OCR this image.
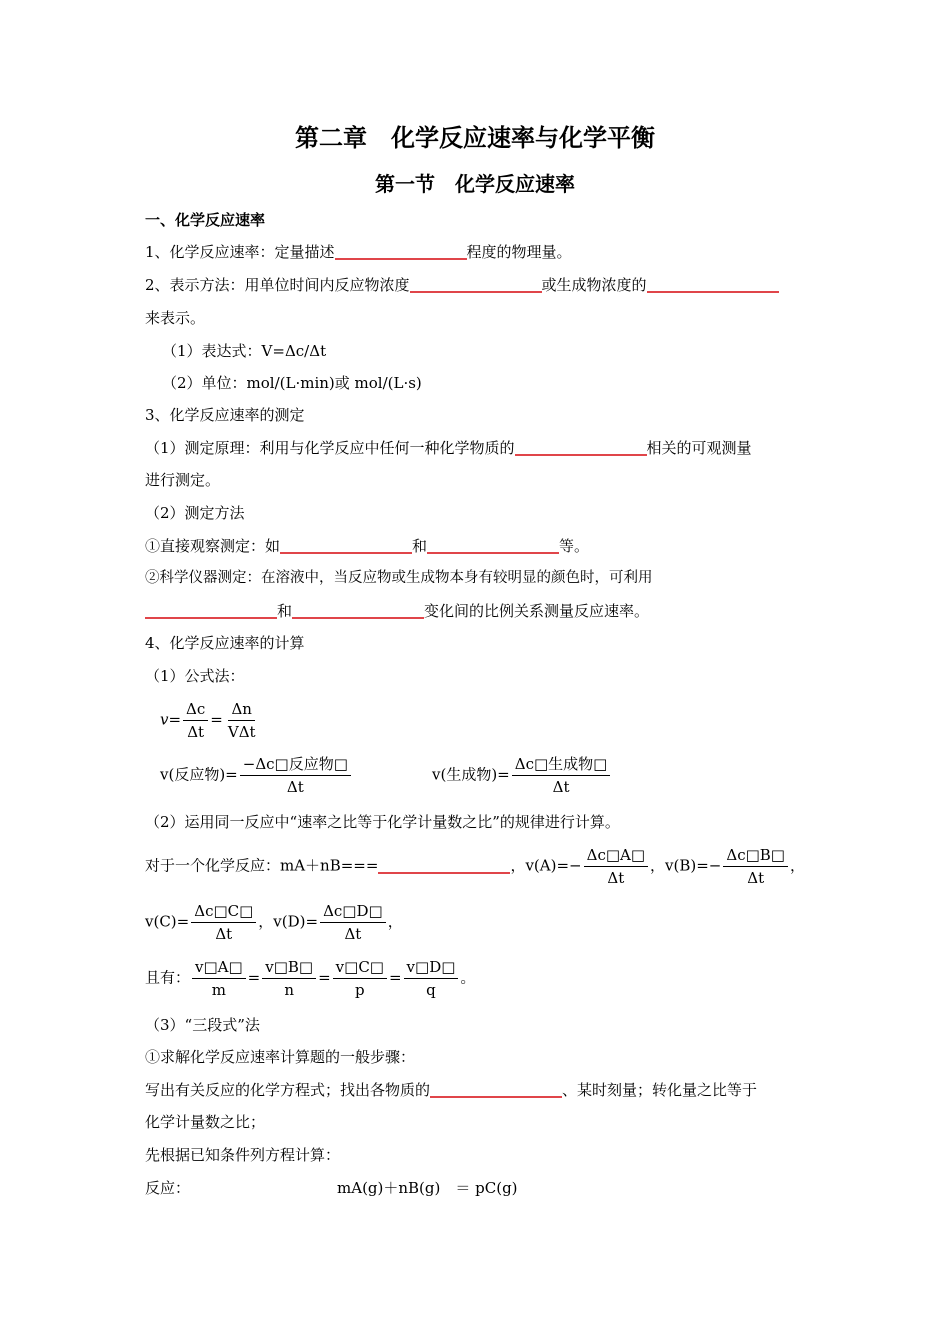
第二章　化学反应速率与化学平衡
第一节　化学反应速率
一、化学反应速率
1、化学反应速率：定量描述	程度的物理量。
2、表示方法：用单位时间内反应物浓度	或生成物浓度的
来表示。
（1）表达式：V=Δc/Δt
（2）单位：mol/(L·min)或 mol/(L·s)
3、化学反应速率的测定
（1）测定原理：利用与化学反应中任何一种化学物质的	相关的可观测量
进行测定。
（2）测定方法
①直接观察测定：如	和	等。
②科学仪器测定：在溶液中，当反应物或生成物本身有较明显的颜色时，可利用
和	变化间的比例关系测量反应速率。
4、化学反应速率的计算
（1）公式法：
$v= \frac{\Delta c}{\Delta t} = \frac{\Delta n}{\text{VΔt}}$
v(反应物)= $\frac{\text{−Δc□反应物□}}{\Delta t}$	v(生成物)= $\frac{\text{Δc□生成物□}}{\Delta t}$
（2）运用同一反应中“速率之比等于化学计量数之比”的规律进行计算。
对于一个化学反应：mA＋nB===	，$v(A)=- \frac{\Delta c□A□}{\Delta t}$ ，$v(B)=- \frac{\Delta c□B□}{\Delta t}$ ，
$v(C)= \frac{\Delta c□C□}{\Delta t}$ ，$v(D)= \frac{\Delta c□D□}{\Delta t}$ ，
且有： $\frac{v□A□}{m} = \frac{v□B□}{n} = \frac{v□C□}{p} = \frac{v□D□}{q}$ 。
（3）“三段式”法
①求解化学反应速率计算题的一般步骤：
写出有关反应的化学方程式；找出各物质的	、某时刻量；转化量之比等于
化学计量数之比；
先根据已知条件列方程计算：
反应：	mA(g)＋nB(g)　＝ pC(g)
